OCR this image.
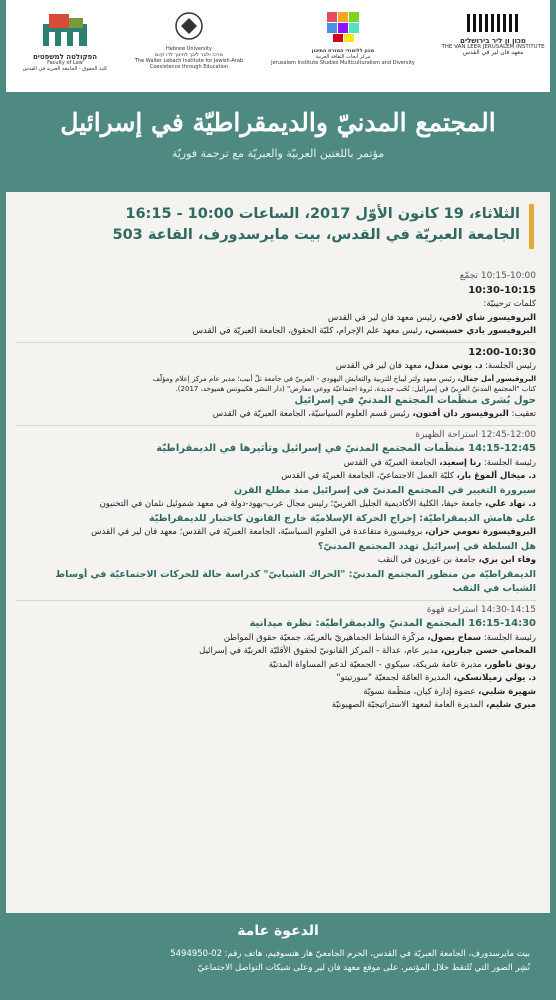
הפקולטה למשפטים
Faculty of Law
كلية الحقوق - الجامعة العبرية في القدس
Hebrew University
מרכז ולטר ליבך לחינוך לדו קיום
The Walter Lebach Institute for Jewish-Arab Coexistence through Education
מכון ללימודי המזרח התיכון
مركز أبحاث الثقافة العربية
Jerusalem Institute Studies Multiculturalism and Diversity
מכון ון ליר בירושלים
THE VAN LEER JERUSALEM INSTITUTE
معهد فان لير في القدس
المجتمع المدنيّ والديمقراطيّة في إسرائيل
مؤتمر باللغتين العربيّة والعبريّة مع ترجمة فوريّة
الثلاثاء، 19 كانون الأوّل 2017، الساعات 10:00 - 16:15
الجامعة العبريّة في القدس، بيت مايرسدورف، القاعة 503
10:15-10:00 تجمّع
10:30-10:15
كلمات ترحيبيّة:
البروفيسور شاي لافي، رئيس معهد فان لير في القدس
البروفيسور يادي حسيسي، رئيس معهد علم الإجرام، كليّة الحقوق، الجامعة العبريّة في القدس
12:00-10:30
رئيس الجلسة: د. يوني مندل، معهد فان لير في القدس
البروفيسور أمل جمال، رئيس معهد ولتر ليباخ للتربية والتعايش اليهودي - العربيّ في جامعة تلّ أبيب؛ مدير عام مركز إعلام ومؤلّف
كتاب "المجتمع المدنيّ العربيّ في إسرائيل: نُخَب جديدة، ثروة اجتماعيّة ووعي معارض" (دار النشر هكيبوتس هميوحد، 2017).
حول بُشرى منظّمات المجتمع المدنيّ في إسرائيل
تعقيب: البروفيسور دان أفنون، رئيس قسم العلوم السياسيّة، الجامعة العبريّة في القدس
12:45-12:00 استراحة الظهيرة
14:15-12:45 منظّمات المجتمع المدنيّ في إسرائيل وتأثيرها في الديمقراطيّة
رئيسة الجلسة: رنا إسعيد، الجامعة العبريّة في القدس
د. ميخال ألموغ بار، كليّة العمل الاجتماعيّ، الجامعة العبريّة في القدس
سيرورة التغيير في المجتمع المدنيّ في إسرائيل منذ مطلع القرن
د. نهاد علي، جامعة حيفا، الكلية الأكاديمية الجليل الغربيّ؛ رئيس مجال عرب-يهود-دولة في معهد شموئيل نئمان في التخنيون
على هامش الديمقراطيّة: إخراج الحركة الإسلاميّة خارج القانون كاختبار للديمقراطيّة
البروفيسورة نعومي حزان، بروفيسورة متقاعدة في العلوم السياسيّة، الجامعة العبريّة في القدس؛ معهد فان لير في القدس
هل السلطة في إسرائيل تهدد المجتمع المدنيّ؟
وفاء ابن بري، جامعة بن غوريون في النقب
الديمقراطيّة من منظور المجتمع المدنيّ: "الحراك الشبابيّ" كدراسة حالة للحركات الاجتماعيّة في أوساط
الشباب في النقب
14:30-14:15 استراحة قهوة
16:15-14:30 المجتمع المدنيّ والديمقراطيّة: نظرة ميدانية
رئيسة الجلسة: سماح بصول، مركّزة النشاط الجماهيريّ بالعربيّة، جمعيّة حقوق المواطن
المحامي حسن جبارين، مدير عام، عدالة - المركز القانونيّ لحقوق الأقليّة العربيّة في إسرائيل
رونق ناطور، مديرة عامة شريكة، سيكوي - الجمعيّة لدعم المساواة المدنيّة
د. يولي زميلانسكي، المديرة العامّة لجمعيّة "سورتيتو"
شهيرة شلبي، عضوة إدارة كيان، منظّمة نسويّة
ميري شليم، المديرة العامة لمعهد الاستراتيجيّة الصهيونيّة
الدعوة عامة
بيت مايرسدورف، الجامعة العبريّة في القدس، الحرم الجامعيّ هار هتسوفيم، هاتف رقم: 02-5494950
نُشِر الصور التي تُلتقط خلال المؤتمر، على موقع معهد فان لير وعلى شبكات التواصل الاجتماعيّ
